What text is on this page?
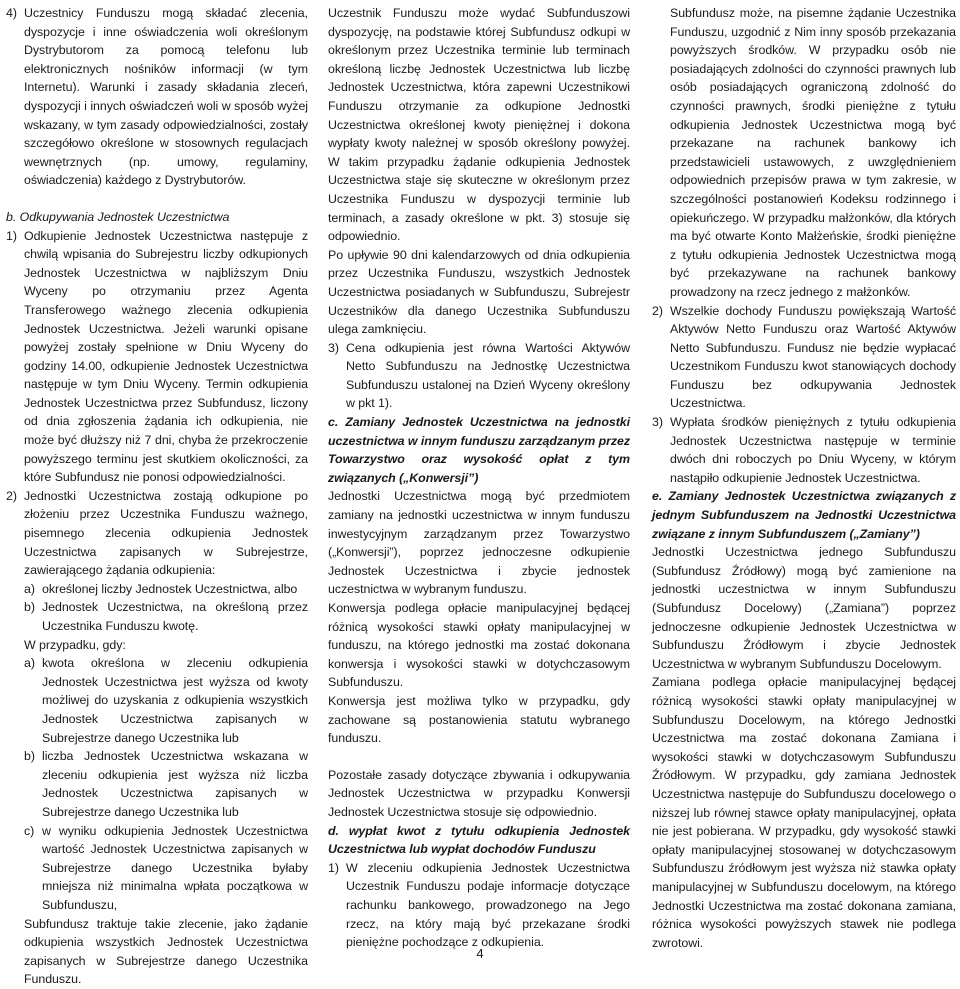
4) Uczestnicy Funduszu mogą składać zlecenia, dyspozycje i inne oświadczenia woli określonym Dystrybutorom za pomocą telefonu lub elektronicznych nośników informacji (w tym Internetu). Warunki i zasady składania zleceń, dyspozycji i innych oświadczeń woli w sposób wyżej wskazany, w tym zasady odpowiedzialności, zostały szczegółowo określone w stosownych regulacjach wewnętrznych (np. umowy, regulaminy, oświadczenia) każdego z Dystrybutorów.

b. Odkupywania Jednostek Uczestnictwa

1) Odkupienie Jednostek Uczestnictwa następuje z chwilą wpisania do Subrejestru liczby odkupionych Jednostek Uczestnictwa w najbliższym Dniu Wyceny po otrzymaniu przez Agenta Transferowego ważnego zlecenia odkupienia Jednostek Uczestnictwa. Jeżeli warunki opisane powyżej zostały spełnione w Dniu Wyceny do godziny 14.00, odkupienie Jednostek Uczestnictwa następuje w tym Dniu Wyceny. Termin odkupienia Jednostek Uczestnictwa przez Subfundusz, liczony od dnia zgłoszenia żądania ich odkupienia, nie może być dłuższy niż 7 dni, chyba że przekroczenie powyższego terminu jest skutkiem okoliczności, za które Subfundusz nie ponosi odpowiedzialności.
2) Jednostki Uczestnictwa zostają odkupione po złożeniu przez Uczestnika Funduszu ważnego, pisemnego zlecenia odkupienia Jednostek Uczestnictwa zapisanych w Subrejestrze, zawierającego żądania odkupienia:

a) określonej liczby Jednostek Uczestnictwa, albo
b) Jednostek Uczestnictwa, na określoną przez Uczestnika Funduszu kwotę.

W przypadku, gdy:

a) kwota określona w zleceniu odkupienia Jednostek Uczestnictwa jest wyższa od kwoty możliwej do uzyskania z odkupienia wszystkich Jednostek Uczestnictwa zapisanych w Subrejestrze danego Uczestnika lub
b) liczba Jednostek Uczestnictwa wskazana w zleceniu odkupienia jest wyższa niż liczba Jednostek Uczestnictwa zapisanych w Subrejestrze danego Uczestnika lub
c) w wyniku odkupienia Jednostek Uczestnictwa wartość Jednostek Uczestnictwa zapisanych w Subrejestrze danego Uczestnika byłaby mniejsza niż minimalna wpłata początkowa w Subfunduszu,

Subfundusz traktuje takie zlecenie, jako żądanie odkupienia wszystkich Jednostek Uczestnictwa zapisanych w Subrejestrze danego Uczestnika Funduszu.

Uczestnik Funduszu może wydać Subfunduszowi dyspozycję, na podstawie której Subfundusz odkupi w określonym przez Uczestnika terminie lub terminach określoną liczbę Jednostek Uczestnictwa lub liczbę Jednostek Uczestnictwa, która zapewni Uczestnikowi Funduszu otrzymanie za odkupione Jednostki Uczestnictwa określonej kwoty pieniężnej i dokona wypłaty kwoty należnej w sposób określony powyżej. W takim przypadku żądanie odkupienia Jednostek Uczestnictwa staje się skuteczne w określonym przez Uczestnika Funduszu w dyspozycji terminie lub terminach, a zasady określone w pkt. 3) stosuje się odpowiednio.

Po upływie 90 dni kalendarzowych od dnia odkupienia przez Uczestnika Funduszu, wszystkich Jednostek Uczestnictwa posiadanych w Subfunduszu, Subrejestr Uczestników dla danego Uczestnika Subfunduszu ulega zamknięciu.

3) Cena odkupienia jest równa Wartości Aktywów Netto Subfunduszu na Jednostkę Uczestnictwa Subfunduszu ustalonej na Dzień Wyceny określony w pkt 1).

c. Zamiany Jednostek Uczestnictwa na jednostki uczestnictwa w innym funduszu zarządzanym przez Towarzystwo oraz wysokość opłat z tym związanych („Konwersji”)

Jednostki Uczestnictwa mogą być przedmiotem zamiany na jednostki uczestnictwa w innym funduszu inwestycyjnym zarządzanym przez Towarzystwo („Konwersji”), poprzez jednoczesne odkupienie Jednostek Uczestnictwa i zbycie jednostek uczestnictwa w wybranym funduszu.

Konwersja podlega opłacie manipulacyjnej będącej różnicą wysokości stawki opłaty manipulacyjnej w funduszu, na którego jednostki ma zostać dokonana konwersja i wysokości stawki w dotychczasowym Subfunduszu.

Konwersja jest możliwa tylko w przypadku, gdy zachowane są postanowienia statutu wybranego funduszu.

Pozostałe zasady dotyczące zbywania i odkupywania Jednostek Uczestnictwa w przypadku Konwersji Jednostek Uczestnictwa stosuje się odpowiednio.

d. wypłat kwot z tytułu odkupienia Jednostek Uczestnictwa lub wypłat dochodów Funduszu

1) W zleceniu odkupienia Jednostek Uczestnictwa Uczestnik Funduszu podaje informacje dotyczące rachunku bankowego, prowadzonego na Jego rzecz, na który mają być przekazane środki pieniężne pochodzące z odkupienia.

Subfundusz może, na pisemne żądanie Uczestnika Funduszu, uzgodnić z Nim inny sposób przekazania powyższych środków. W przypadku osób nie posiadających zdolności do czynności prawnych lub osób posiadających ograniczoną zdolność do czynności prawnych, środki pieniężne z tytułu odkupienia Jednostek Uczestnictwa mogą być przekazane na rachunek bankowy ich przedstawicieli ustawowych, z uwzględnieniem odpowiednich przepisów prawa w tym zakresie, w szczególności postanowień Kodeksu rodzinnego i opiekuńczego. W przypadku małżonków, dla których ma być otwarte Konto Małżeńskie, środki pieniężne z tytułu odkupienia Jednostek Uczestnictwa mogą być przekazywane na rachunek bankowy prowadzony na rzecz jednego z małżonków.

2) Wszelkie dochody Funduszu powiększają Wartość Aktywów Netto Funduszu oraz Wartość Aktywów Netto Subfunduszu. Fundusz nie będzie wypłacać Uczestnikom Funduszu kwot stanowiących dochody Funduszu bez odkupywania Jednostek Uczestnictwa.
3) Wypłata środków pieniężnych z tytułu odkupienia Jednostek Uczestnictwa następuje w terminie dwóch dni roboczych po Dniu Wyceny, w którym nastąpiło odkupienie Jednostek Uczestnictwa.

e. Zamiany Jednostek Uczestnictwa związanych z jednym Subfunduszem na Jednostki Uczestnictwa związane z innym Subfunduszem („Zamiany”)

Jednostki Uczestnictwa jednego Subfunduszu (Subfundusz Źródłowy) mogą być zamienione na jednostki uczestnictwa w innym Subfunduszu (Subfundusz Docelowy) („Zamiana”) poprzez jednoczesne odkupienie Jednostek Uczestnictwa w Subfunduszu Źródłowym i zbycie Jednostek Uczestnictwa w wybranym Subfunduszu Docelowym.

Zamiana podlega opłacie manipulacyjnej będącej różnicą wysokości stawki opłaty manipulacyjnej w Subfunduszu Docelowym, na którego Jednostki Uczestnictwa ma zostać dokonana Zamiana i wysokości stawki w dotychczasowym Subfunduszu Źródłowym. W przypadku, gdy zamiana Jednostek Uczestnictwa następuje do Subfunduszu docelowego o niższej lub równej stawce opłaty manipulacyjnej, opłata nie jest pobierana. W przypadku, gdy wysokość stawki opłaty manipulacyjnej stosowanej w dotychczasowym Subfunduszu źródłowym jest wyższa niż stawka opłaty manipulacyjnej w Subfunduszu docelowym, na którego Jednostki Uczestnictwa ma zostać dokonana zamiana, różnica wysokości powyższych stawek nie podlega zwrotowi.

4
